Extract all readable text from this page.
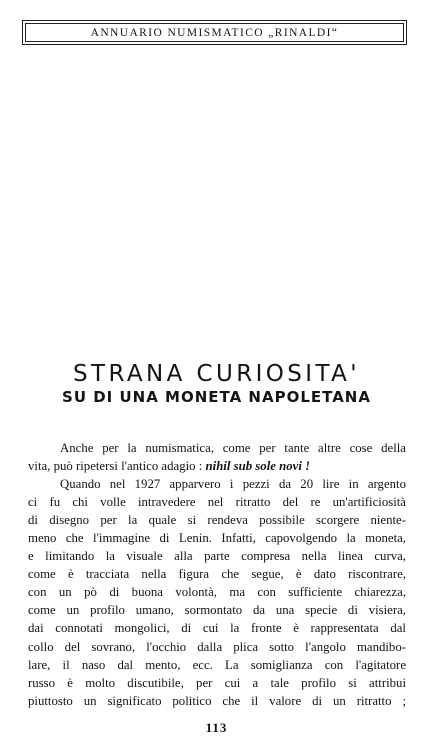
ANNUARIO NUMISMATICO „RINALDI“
STRANA CURIOSITA'
SU DI UNA MONETA NAPOLETANA
Anche per la numismatica, come per tante altre cose della
vita, può ripetersi l'antico adagio : nihil sub sole novi !
Quando nel 1927 apparvero i pezzi da 20 lire in argento
ci fu chi volle intravedere nel ritratto del re un'artificiosità
di disegno per la quale si rendeva possibile scorgere niente-
meno che l'immagine di Lenin. Infatti, capovolgendo la moneta,
e limitando la visuale alla parte compresa nella linea curva,
come è tracciata nella figura che segue, è dato riscontrare,
con un pò di buona volontà, ma con sufficiente chiarezza,
come un profilo umano, sormontato da una specie di visiera,
dai connotati mongolici, di cui la fronte è rappresentata dal
collo del sovrano, l'occhio dalla plica sotto l'angolo mandibo-
lare, il naso dal mento, ecc. La somiglianza con l'agitatore
russo è molto discutibile, per cui a tale profilo si attribui
piuttosto un significato politico che il valore di un ritratto ;
113
